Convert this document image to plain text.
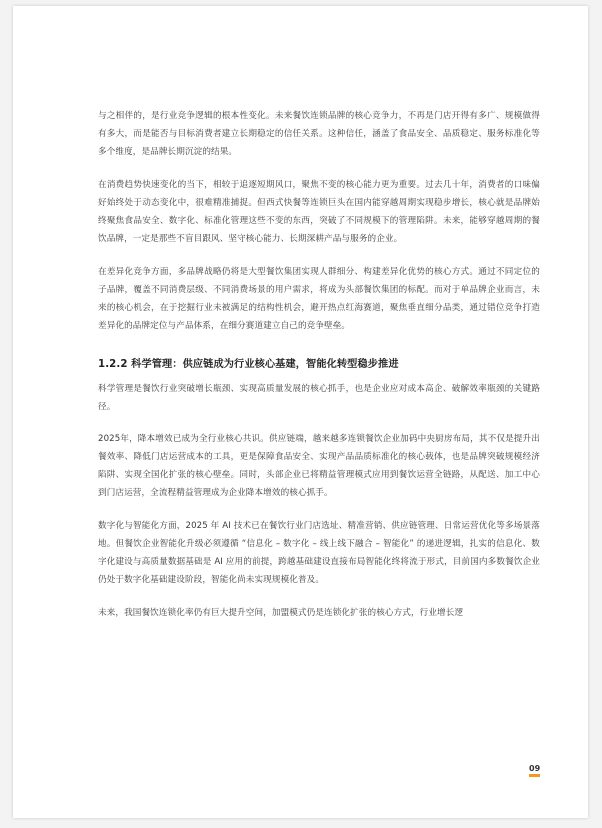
与之相伴的，是行业竞争逻辑的根本性变化。未来餐饮连锁品牌的核心竞争力，不再是门店开得有多广、规模做得有多大，而是能否与目标消费者建立长期稳定的信任关系。这种信任，涵盖了食品安全、品质稳定、服务标准化等多个维度，是品牌长期沉淀的结果。

在消费趋势快速变化的当下，相较于追逐短期风口，聚焦不变的核心能力更为重要。过去几十年，消费者的口味偏好始终处于动态变化中，很难精准捕捉。但西式快餐等连锁巨头在国内能穿越周期实现稳步增长，核心就是品牌始终聚焦食品安全、数字化、标准化管理这些不变的东西，突破了不同规模下的管理陷阱。未来，能够穿越周期的餐饮品牌，一定是那些不盲目跟风、坚守核心能力、长期深耕产品与服务的企业。

在差异化竞争方面，多品牌战略仍将是大型餐饮集团实现人群细分、构建差异化优势的核心方式。通过不同定位的子品牌，覆盖不同消费层级、不同消费场景的用户需求，将成为头部餐饮集团的标配。而对于单品牌企业而言，未来的核心机会，在于挖掘行业未被满足的结构性机会，避开热点红海赛道，聚焦垂直细分品类，通过错位竞争打造差异化的品牌定位与产品体系，在细分赛道建立自己的竞争壁垒。

1.2.2 科学管理：供应链成为行业核心基建，智能化转型稳步推进

科学管理是餐饮行业突破增长瓶颈、实现高质量发展的核心抓手，也是企业应对成本高企、破解效率瓶颈的关键路径。

2025年，降本增效已成为全行业核心共识。供应链端，越来越多连锁餐饮企业加码中央厨房布局，其不仅是提升出餐效率、降低门店运营成本的工具，更是保障食品安全、实现产品品质标准化的核心载体，也是品牌突破规模经济陷阱、实现全国化扩张的核心壁垒。同时，头部企业已将精益管理模式应用到餐饮运营全链路，从配送、加工中心到门店运营，全流程精益管理成为企业降本增效的核心抓手。

数字化与智能化方面，2025 年 AI 技术已在餐饮行业门店选址、精准营销、供应链管理、日常运营优化等多场景落地。但餐饮企业智能化升级必须遵循 “信息化 – 数字化 – 线上线下融合 – 智能化” 的递进逻辑，扎实的信息化、数字化建设与高质量数据基础是 AI 应用的前提，跨越基础建设直接布局智能化终将流于形式，目前国内多数餐饮企业仍处于数字化基础建设阶段，智能化尚未实现规模化普及。

未来，我国餐饮连锁化率仍有巨大提升空间，加盟模式仍是连锁化扩张的核心方式，行业增长逻

09
